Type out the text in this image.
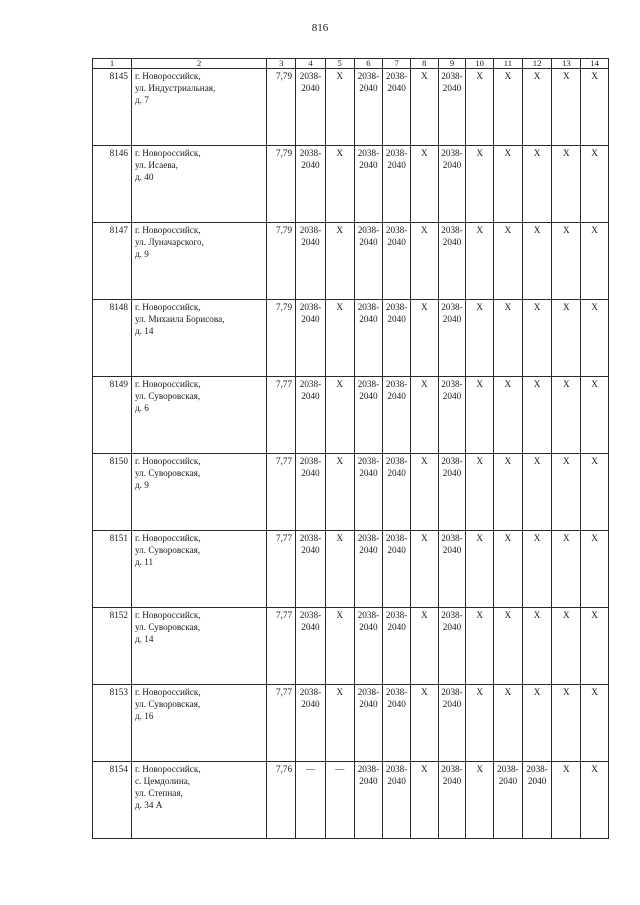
816
1	2	3	4	5	6	7	8	9	10	11	12	13	14
8145	г. Новороссийск,
ул. Индустриальная,
д. 7	7,79	2038-
2040	Х	2038-
2040	2038-
2040	Х	2038-
2040	Х	Х	Х	Х	Х

8146	г. Новороссийск,
ул. Исаева,
д. 40	7,79	2038-
2040	Х	2038-
2040	2038-
2040	Х	2038-
2040	Х	Х	Х	Х	Х

8147	г. Новороссийск,
ул. Луначарского,
д. 9	7,79	2038-
2040	Х	2038-
2040	2038-
2040	Х	2038-
2040	Х	Х	Х	Х	Х

8148	г. Новороссийск,
ул. Михаила Борисова,
д. 14	7,79	2038-
2040	Х	2038-
2040	2038-
2040	Х	2038-
2040	Х	Х	Х	Х	Х

8149	г. Новороссийск,
ул. Суворовская,
д. 6	7,77	2038-
2040	Х	2038-
2040	2038-
2040	Х	2038-
2040	Х	Х	Х	Х	Х

8150	г. Новороссийск,
ул. Суворовская,
д. 9	7,77	2038-
2040	Х	2038-
2040	2038-
2040	Х	2038-
2040	Х	Х	Х	Х	Х

8151	г. Новороссийск,
ул. Суворовская,
д. 11	7,77	2038-
2040	Х	2038-
2040	2038-
2040	Х	2038-
2040	Х	Х	Х	Х	Х

8152	г. Новороссийск,
ул. Суворовская,
д. 14	7,77	2038-
2040	Х	2038-
2040	2038-
2040	Х	2038-
2040	Х	Х	Х	Х	Х

8153	г. Новороссийск,
ул. Суворовская,
д. 16	7,77	2038-
2040	Х	2038-
2040	2038-
2040	Х	2038-
2040	Х	Х	Х	Х	Х

8154	г. Новороссийск,
с. Цемдолина,
ул. Степная,
д. 34 А	7,76	—	—	2038-
2040	2038-
2040	Х	2038-
2040	Х	2038-
2040	2038-
2040	Х	Х
